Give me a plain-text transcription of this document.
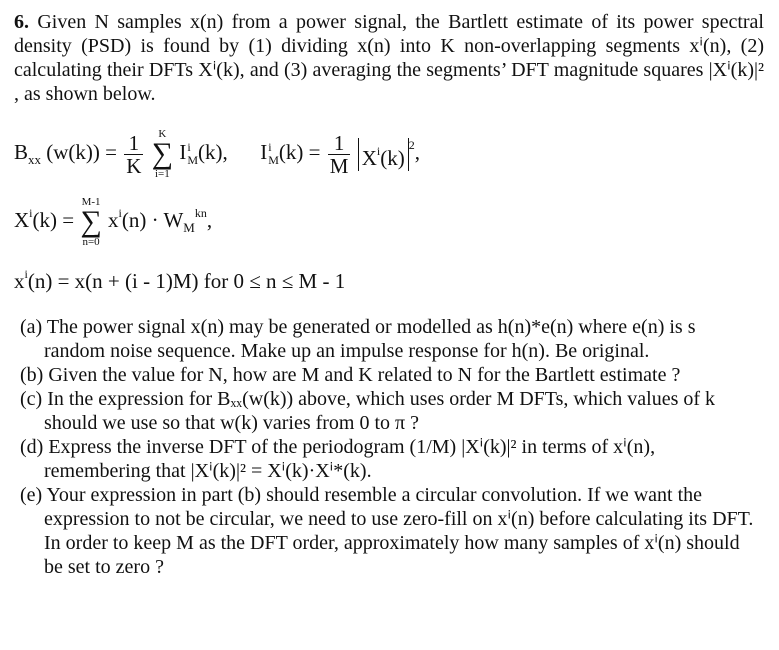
6. Given N samples x(n) from a power signal, the Bartlett estimate of its power spectral density (PSD) is found by (1) dividing x(n) into K non-overlapping segments xⁱ(n), (2) calculating their DFTs Xⁱ(k), and (3) averaging the segments’ DFT magnitude squares |Xⁱ(k)|² , as shown below.
$B_{xx}$ $(w(k)) = \frac{1}{K}$
K
∑
i=1
I i
M (k), I i
M $(k) = \frac{1}{M} X^i(k)^2$,
$X^i(k)$ =
M-1
∑
n=0
$x^i(n) \cdot W_M^{kn}$,
$x^i(n) = x(n + (i - 1)M)$ for 0 ≤ n ≤ M - 1

(a) The power signal x(n) may be generated or modelled as h(n)*e(n) where e(n) is s random noise sequence. Make up an impulse response for h(n). Be original.

(b) Given the value for N, how are M and K related to N for the Bartlett estimate ?

(c) In the expression for Bₓₓ(w(k)) above, which uses order M DFTs, which values of k should we use so that w(k) varies from 0 to π ?

(d) Express the inverse DFT of the periodogram (1/M) |Xⁱ(k)|² in terms of xⁱ(n), remembering that |Xⁱ(k)|² = Xⁱ(k)·Xⁱ*(k).

(e) Your expression in part (b) should resemble a circular convolution. If we want the expression to not be circular, we need to use zero-fill on xⁱ(n) before calculating its DFT. In order to keep M as the DFT order, approximately how many samples of xⁱ(n) should be set to zero ?
